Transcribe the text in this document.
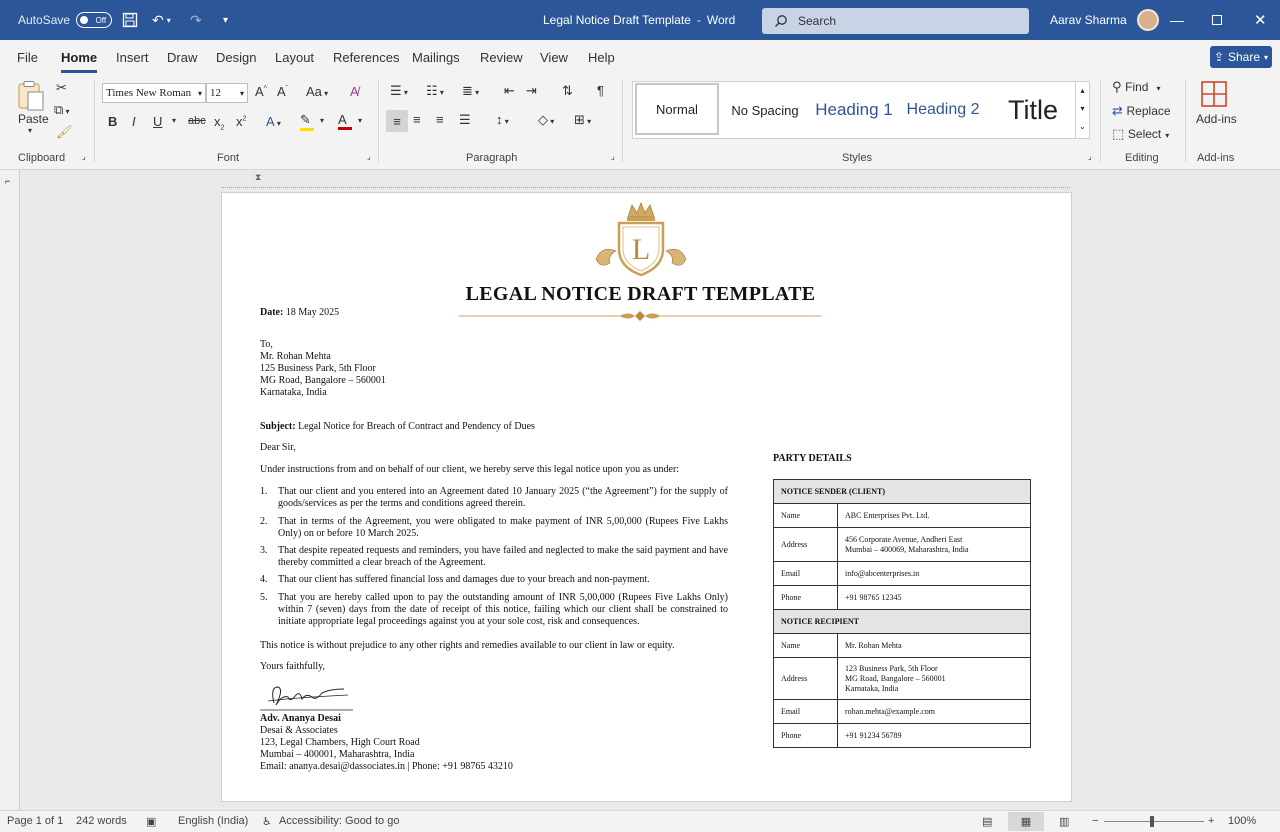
AutoSave	Off	↶ ▾ ↷ ▾	Legal Notice Draft Template - Word	Search	Aarav Sharma	—	✕
File Home Insert Draw Design Layout References Mailings Review View Help	⇪ Share ▾
Paste
▾
✂
⧉ ▾
🖌
Clipboard ⌟
Times New Roman ▾ 12 ▾ A^ $A^ˇ$ Aa ▾ A̸
B I U ▾ abc $x_2$ $x^2$ A ▾ ✎	▾ A	▾
Font	⌟
☰ ▾ ☷ ▾ ≣ ▾ ⇤ ⇥ ⇅ ¶
≡ ≡ ≡ ☰ ↕ ▾ ◇ ▾ ⊞ ▾
Paragraph	⌟
Normal	No Spacing Heading 1 Heading 2 Title
▴
▾
⌄
Styles	⌟
⚲ Find ▾
⇄ Replace
⬚ Select ▾
Editing
Add-ins
Add-ins
⌐	⧗
L
LEGAL NOTICE DRAFT TEMPLATE
Date: 18 May 2025
To,
Mr. Rohan Mehta
125 Business Park, 5th Floor
MG Road, Bangalore – 560001
Karnataka, India
Subject: Legal Notice for Breach of Contract and Pendency of Dues
Dear Sir,
Under instructions from and on behalf of our client, we hereby serve this legal notice upon you as under:
1. That our client and you entered into an Agreement dated 10 January 2025 (“the Agreement”) for the supply of goods/services as per the terms and conditions agreed therein.
2. That in terms of the Agreement, you were obligated to make payment of INR 5,00,000 (Rupees Five Lakhs Only) on or before 10 March 2025.
3. That despite repeated requests and reminders, you have failed and neglected to make the said payment and have thereby committed a clear breach of the Agreement.
4. That our client has suffered financial loss and damages due to your breach and non-payment.
5. That you are hereby called upon to pay the outstanding amount of INR 5,00,000 (Rupees Five Lakhs Only) within 7 (seven) days from the date of receipt of this notice, failing which our client shall be constrained to initiate appropriate legal proceedings against you at your sole cost, risk and consequences.
This notice is without prejudice to any other rights and remedies available to our client in law or equity.
Yours faithfully,
Adv. Ananya Desai
Desai & Associates
123, Legal Chambers, High Court Road
Mumbai – 400001, Maharashtra, India
Email: ananya.desai@dassociates.in | Phone: +91 98765 43210
PARTY DETAILS
NOTICE SENDER (CLIENT)	
Name	ABC Enterprises Pvt. Ltd.
Address	456 Corporate Avenue, Andheri East
Mumbai – 400069, Maharashtra, India
Email	info@abcenterprises.in
Phone	+91 98765 12345
NOTICE RECIPIENT	
Name	Mr. Rohan Mehta
Address	123 Business Park, 5th Floor
MG Road, Bangalore – 560001
Karnataka, India
Email	rohan.mehta@example.com
Phone	+91 91234 56789
Page 1 of 1 242 words ▣ English (India) ♿ Accessibility: Good to go	▤	▦	▥ −	+ 100%
